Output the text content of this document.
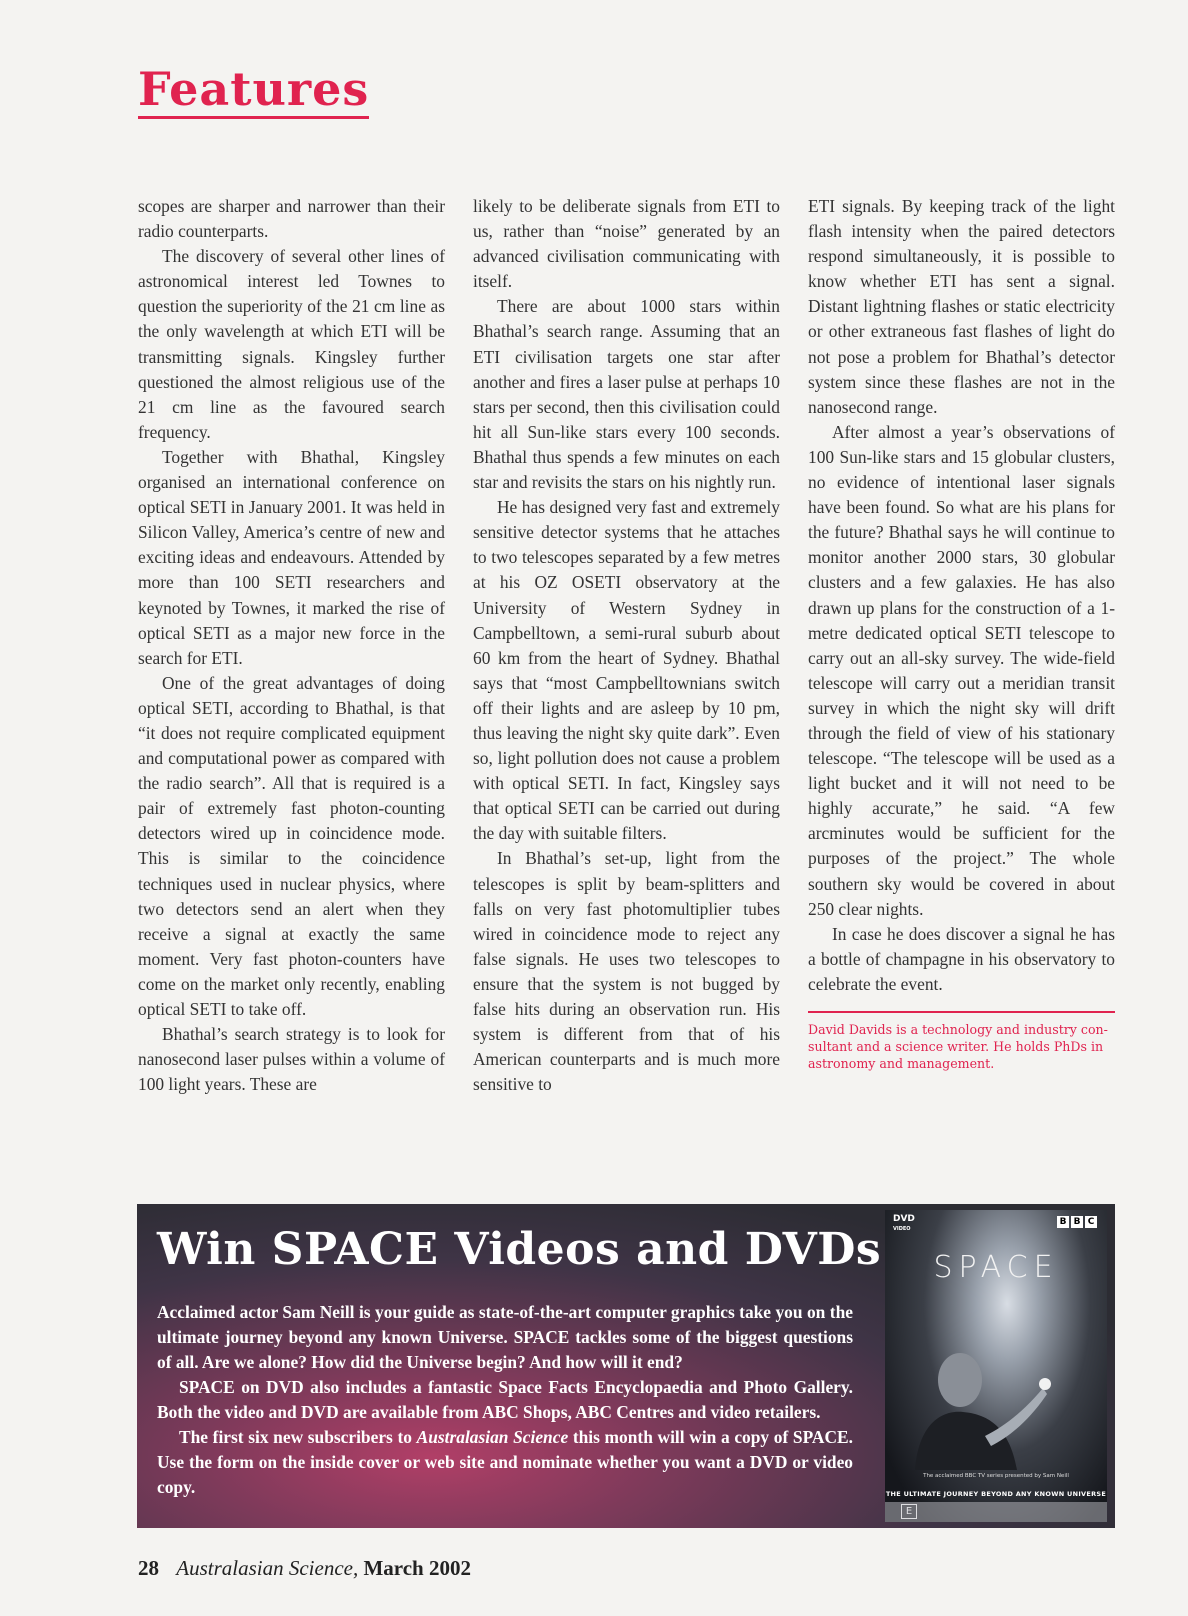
Features

scopes are sharper and narrower than their radio counterparts.

The discovery of several other lines of astronomical interest led Townes to question the superiority of the 21 cm line as the only wavelength at which ETI will be transmitting signals. Kingsley further questioned the almost religious use of the 21 cm line as the favoured search frequency.

Together with Bhathal, Kingsley organised an international conference on optical SETI in January 2001. It was held in Silicon Valley, America’s centre of new and exciting ideas and endeavours. Attended by more than 100 SETI researchers and keynoted by Townes, it marked the rise of optical SETI as a major new force in the search for ETI.

One of the great advantages of doing optical SETI, according to Bhathal, is that “it does not require complicated equipment and computational power as compared with the radio search”. All that is required is a pair of extremely fast photon-counting detectors wired up in coincidence mode. This is similar to the coincidence techniques used in nuclear physics, where two detectors send an alert when they receive a signal at exactly the same moment. Very fast photon-counters have come on the market only recently, enabling optical SETI to take off.

Bhathal’s search strategy is to look for nanosecond laser pulses within a volume of 100 light years. These are

likely to be deliberate signals from ETI to us, rather than “noise” generated by an advanced civilisation communicating with itself.

There are about 1000 stars within Bhathal’s search range. Assuming that an ETI civilisation targets one star after another and fires a laser pulse at perhaps 10 stars per second, then this civilisation could hit all Sun-like stars every 100 seconds. Bhathal thus spends a few minutes on each star and revisits the stars on his nightly run.

He has designed very fast and extremely sensitive detector systems that he attaches to two telescopes separated by a few metres at his OZ OSETI observatory at the University of Western Sydney in Campbelltown, a semi-rural suburb about 60 km from the heart of Sydney. Bhathal says that “most Campbelltownians switch off their lights and are asleep by 10 pm, thus leaving the night sky quite dark”. Even so, light pollution does not cause a problem with optical SETI. In fact, Kingsley says that optical SETI can be carried out during the day with suitable filters.

In Bhathal’s set-up, light from the telescopes is split by beam-splitters and falls on very fast photomultiplier tubes wired in coincidence mode to reject any false signals. He uses two telescopes to ensure that the system is not bugged by false hits during an observation run. His system is different from that of his American counterparts and is much more sensitive to

ETI signals. By keeping track of the light flash intensity when the paired detectors respond simultaneously, it is possible to know whether ETI has sent a signal. Distant lightning flashes or static electricity or other extraneous fast flashes of light do not pose a problem for Bhathal’s detector system since these flashes are not in the nanosecond range.

After almost a year’s observations of 100 Sun-like stars and 15 globular clusters, no evidence of intentional laser signals have been found. So what are his plans for the future? Bhathal says he will continue to monitor another 2000 stars, 30 globular clusters and a few galaxies. He has also drawn up plans for the construction of a 1-metre dedicated optical SETI telescope to carry out an all-sky survey. The wide-field telescope will carry out a meridian transit survey in which the night sky will drift through the field of view of his stationary telescope. “The telescope will be used as a light bucket and it will not need to be highly accurate,” he said. “A few arcminutes would be sufficient for the purposes of the project.” The whole southern sky would be covered in about 250 clear nights.

In case he does discover a signal he has a bottle of champagne in his observatory to celebrate the event.

David Davids is a technology and industry consultant and a science writer. He holds PhDs in astronomy and management.
Win SPACE Videos and DVDs

Acclaimed actor Sam Neill is your guide as state-of-the-art computer graphics take you on the ultimate journey beyond any known Universe. SPACE tackles some of the biggest questions of all. Are we alone? How did the Universe begin? And how will it end?

SPACE on DVD also includes a fantastic Space Facts Encyclopaedia and Photo Gallery. Both the video and DVD are available from ABC Shops, ABC Centres and video retailers.

The first six new subscribers to Australasian Science this month will win a copy of SPACE. Use the form on the inside cover or web site and nominate whether you want a DVD or video copy.

DVD
VIDEO
B B C
SPACE
The acclaimed BBC TV series presented by Sam Neill
THE ULTIMATE JOURNEY BEYOND ANY KNOWN UNIVERSE
28 Australasian Science, March 2002
